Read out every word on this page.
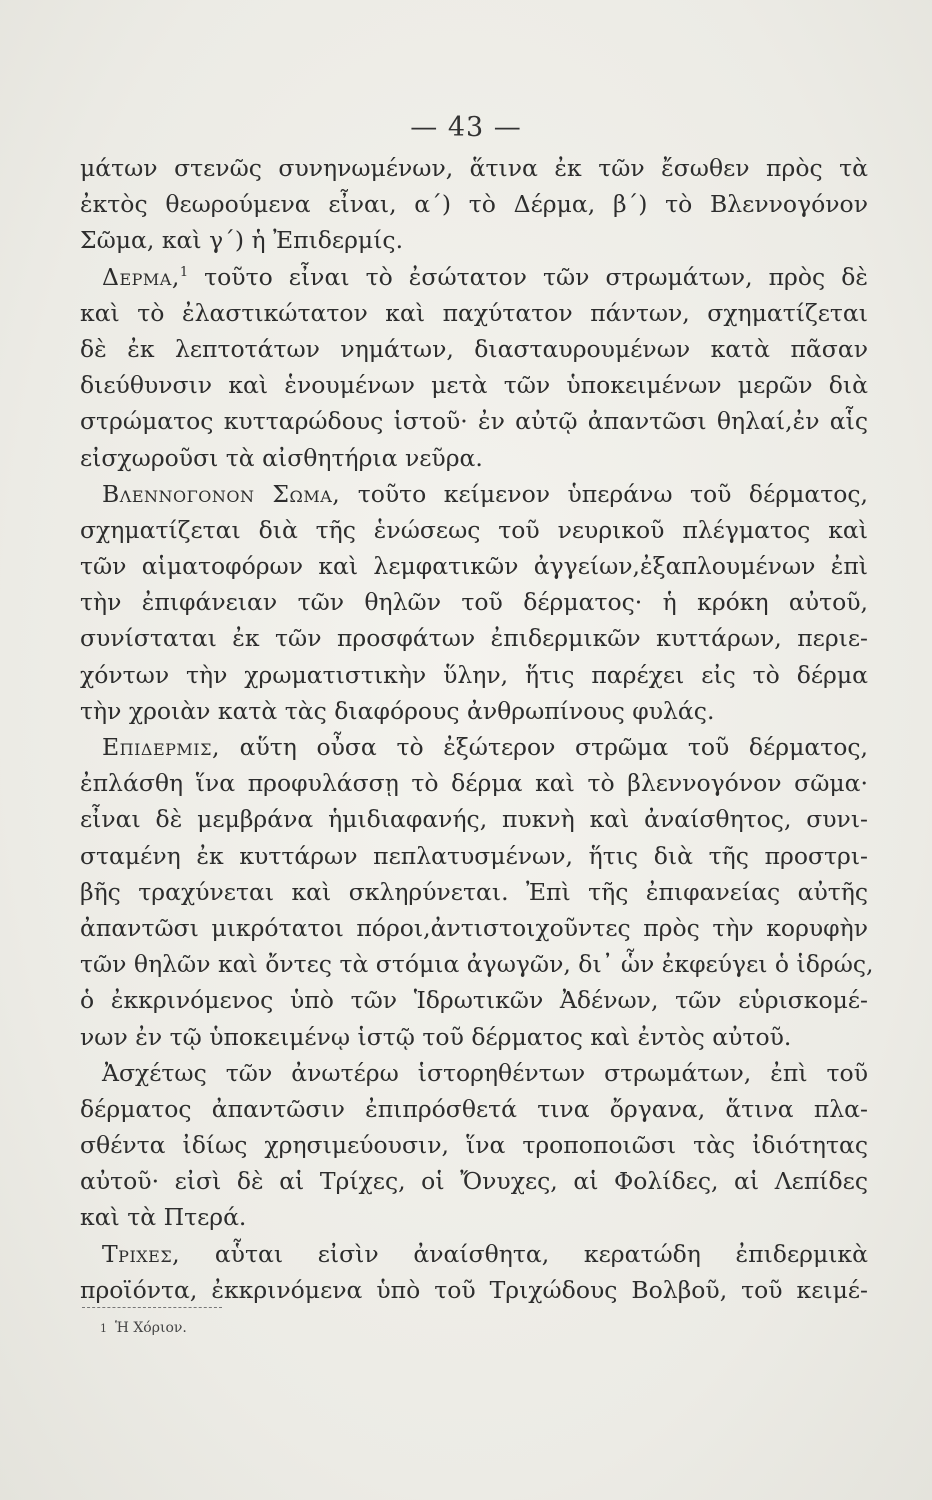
— 43 —
μάτων στενῶς συνηνωμένων, ἅτινα ἐκ τῶν ἔσωθεν πρὸς τὰ
ἐκτὸς θεωρούμενα εἶναι, α΄) τὸ Δέρμα, β΄) τὸ Βλεννογόνον
Σῶμα, καὶ γ΄) ἡ Ἐπιδερμίς.
Δερμα,$^1$ τοῦτο εἶναι τὸ ἐσώτατον τῶν στρωμάτων, πρὸς δὲ
καὶ τὸ ἐλαστικώτατον καὶ παχύτατον πάντων, σχηματίζεται
δὲ ἐκ λεπτοτάτων νημάτων, διασταυρουμένων κατὰ πᾶσαν
διεύθυνσιν καὶ ἑνουμένων μετὰ τῶν ὑποκειμένων μερῶν διὰ
στρώματος κυτταρώδους ἱστοῦ· ἐν αὐτῷ ἀπαντῶσι θηλαί,ἐν αἷς
εἰσχωροῦσι τὰ αἰσθητήρια νεῦρα.
Βλεννογονον Σωμα, τοῦτο κείμενον ὑπεράνω τοῦ δέρματος,
σχηματίζεται διὰ τῆς ἑνώσεως τοῦ νευρικοῦ πλέγματος καὶ
τῶν αἱματοφόρων καὶ λεμφατικῶν ἀγγείων,ἐξαπλουμένων ἐπὶ
τὴν ἐπιφάνειαν τῶν θηλῶν τοῦ δέρματος· ἡ κρόκη αὐτοῦ,
συνίσταται ἐκ τῶν προσφάτων ἐπιδερμικῶν κυττάρων, περιε-
χόντων τὴν χρωματιστικὴν ὕλην, ἥτις παρέχει εἰς τὸ δέρμα
τὴν χροιὰν κατὰ τὰς διαφόρους ἀνθρωπίνους φυλάς.
Επιδερμις, αὕτη οὖσα τὸ ἐξώτερον στρῶμα τοῦ δέρματος,
ἐπλάσθη ἵνα προφυλάσσῃ τὸ δέρμα καὶ τὸ βλεννογόνον σῶμα·
εἶναι δὲ μεμβράνα ἡμιδιαφανής, πυκνὴ καὶ ἀναίσθητος, συνι-
σταμένη ἐκ κυττάρων πεπλατυσμένων, ἥτις διὰ τῆς προστρι-
βῆς τραχύνεται καὶ σκληρύνεται. Ἐπὶ τῆς ἐπιφανείας αὐτῆς
ἀπαντῶσι μικρότατοι πόροι,ἀντιστοιχοῦντες πρὸς τὴν κορυφὴν
τῶν θηλῶν καὶ ὄντες τὰ στόμια ἀγωγῶν, δι᾽ ὧν ἐκφεύγει ὁ ἱδρώς,
ὁ ἐκκρινόμενος ὑπὸ τῶν Ἱδρωτικῶν Ἀδένων, τῶν εὑρισκομέ-
νων ἐν τῷ ὑποκειμένῳ ἱστῷ τοῦ δέρματος καὶ ἐντὸς αὐτοῦ.
Ἀσχέτως τῶν ἀνωτέρω ἱστορηθέντων στρωμάτων, ἐπὶ τοῦ
δέρματος ἀπαντῶσιν ἐπιπρόσθετά τινα ὄργανα, ἅτινα πλα-
σθέντα ἰδίως χρησιμεύουσιν, ἵνα τροποποιῶσι τὰς ἰδιότητας
αὐτοῦ· εἰσὶ δὲ αἱ Τρίχες, οἱ Ὄνυχες, αἱ Φολίδες, αἱ Λεπίδες
καὶ τὰ Πτερά.
Τριχες, αὗται εἰσὶν ἀναίσθητα, κερατώδη ἐπιδερμικὰ
προϊόντα, ἐκκρινόμενα ὑπὸ τοῦ Τριχώδους Βολβοῦ, τοῦ κειμέ-
1 Ἡ Χόριον.
